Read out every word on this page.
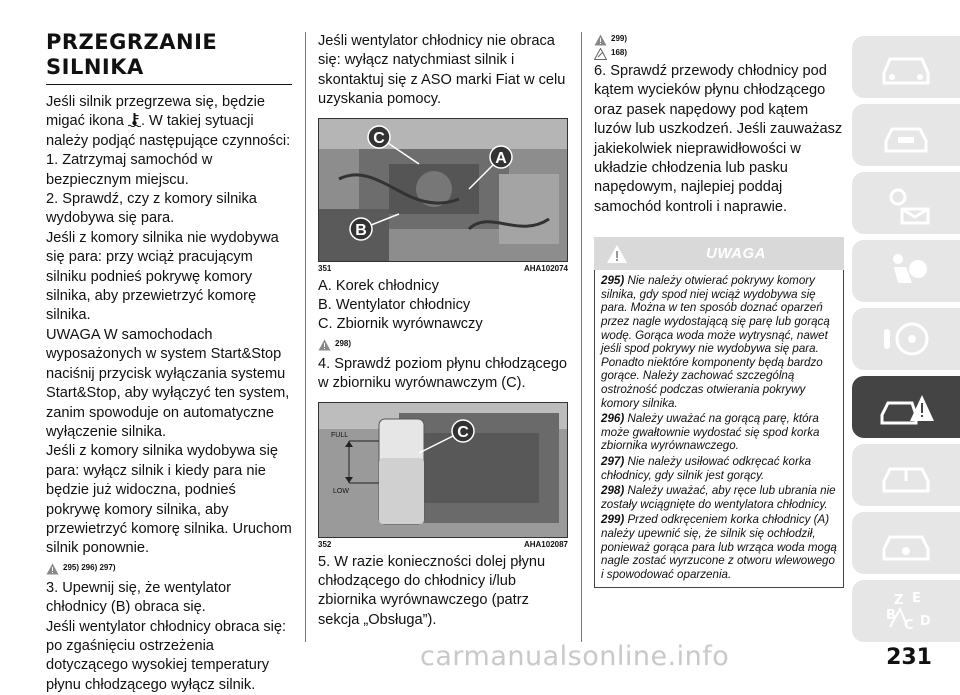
PRZEGRZANIE
SILNIKA

Jeśli silnik przegrzewa się, będzie migać ikona . W takiej sytuacji należy podjąć następujące czynności:

1. Zatrzymaj samochód w bezpiecznym miejscu.

2. Sprawdź, czy z komory silnika wydobywa się para.

Jeśli z komory silnika nie wydobywa się para: przy wciąż pracującym silniku podnieś pokrywę komory silnika, aby przewietrzyć komorę silnika.

UWAGA W samochodach wyposażonych w system Start&Stop naciśnij przycisk wyłączania systemu Start&Stop, aby wyłączyć ten system, zanim spowoduje on automatyczne wyłączenie silnika.

Jeśli z komory silnika wydobywa się para: wyłącz silnik i kiedy para nie będzie już widoczna, podnieś pokrywę komory silnika, aby przewietrzyć komorę silnika. Uruchom silnik ponownie.

295) 296) 297)

3. Upewnij się, że wentylator chłodnicy (B) obraca się.

Jeśli wentylator chłodnicy obraca się: po zgaśnięciu ostrzeżenia dotyczącego wysokiej temperatury płynu chłodzącego wyłącz silnik.

Jeśli wentylator chłodnicy nie obraca się: wyłącz natychmiast silnik i skontaktuj się z ASO marki Fiat w celu uzyskania pomocy.

C
A
B
351	AHA102074

A. Korek chłodnicy

B. Wentylator chłodnicy

C. Zbiornik wyrównawczy

298)

4. Sprawdź poziom płynu chłodzącego w zbiorniku wyrównawczym (C).

FULL
LOW
C
352	AHA102087

5. W razie konieczności dolej płynu chłodzącego do chłodnicy i/lub zbiornika wyrównawczego (patrz sekcja „Obsługa”).

299)
168)

6. Sprawdź przewody chłodnicy pod kątem wycieków płynu chłodzącego oraz pasek napędowy pod kątem luzów lub uszkodzeń. Jeśli zauważasz jakiekolwiek nieprawidłowości w układzie chłodzenia lub pasku napędowym, najlepiej poddaj samochód kontroli i naprawie.

UWAGA

295) Nie należy otwierać pokrywy komory silnika, gdy spod niej wciąż wydobywa się para. Można w ten sposób doznać oparzeń przez nagle wydostającą się parę lub gorącą wodę. Gorąca woda może wytrysnąć, nawet jeśli spod pokrywy nie wydobywa się para. Ponadto niektóre komponenty będą bardzo gorące. Należy zachować szczególną ostrożność podczas otwierania pokrywy komory silnika.

296) Należy uważać na gorącą parę, która może gwałtownie wydostać się spod korka zbiornika wyrównawczego.

297) Nie należy usiłować odkręcać korka chłodnicy, gdy silnik jest gorący.

298) Należy uważać, aby ręce lub ubrania nie zostały wciągnięte do wentylatora chłodnicy.

299) Przed odkręceniem korka chłodnicy (A) należy upewnić się, że silnik się ochłodził, ponieważ gorąca para lub wrząca woda mogą nagle zostać wyrzucone z otworu wlewowego i spowodować oparzenia.

Z E
B
C D
231
carmanualsonline.info
